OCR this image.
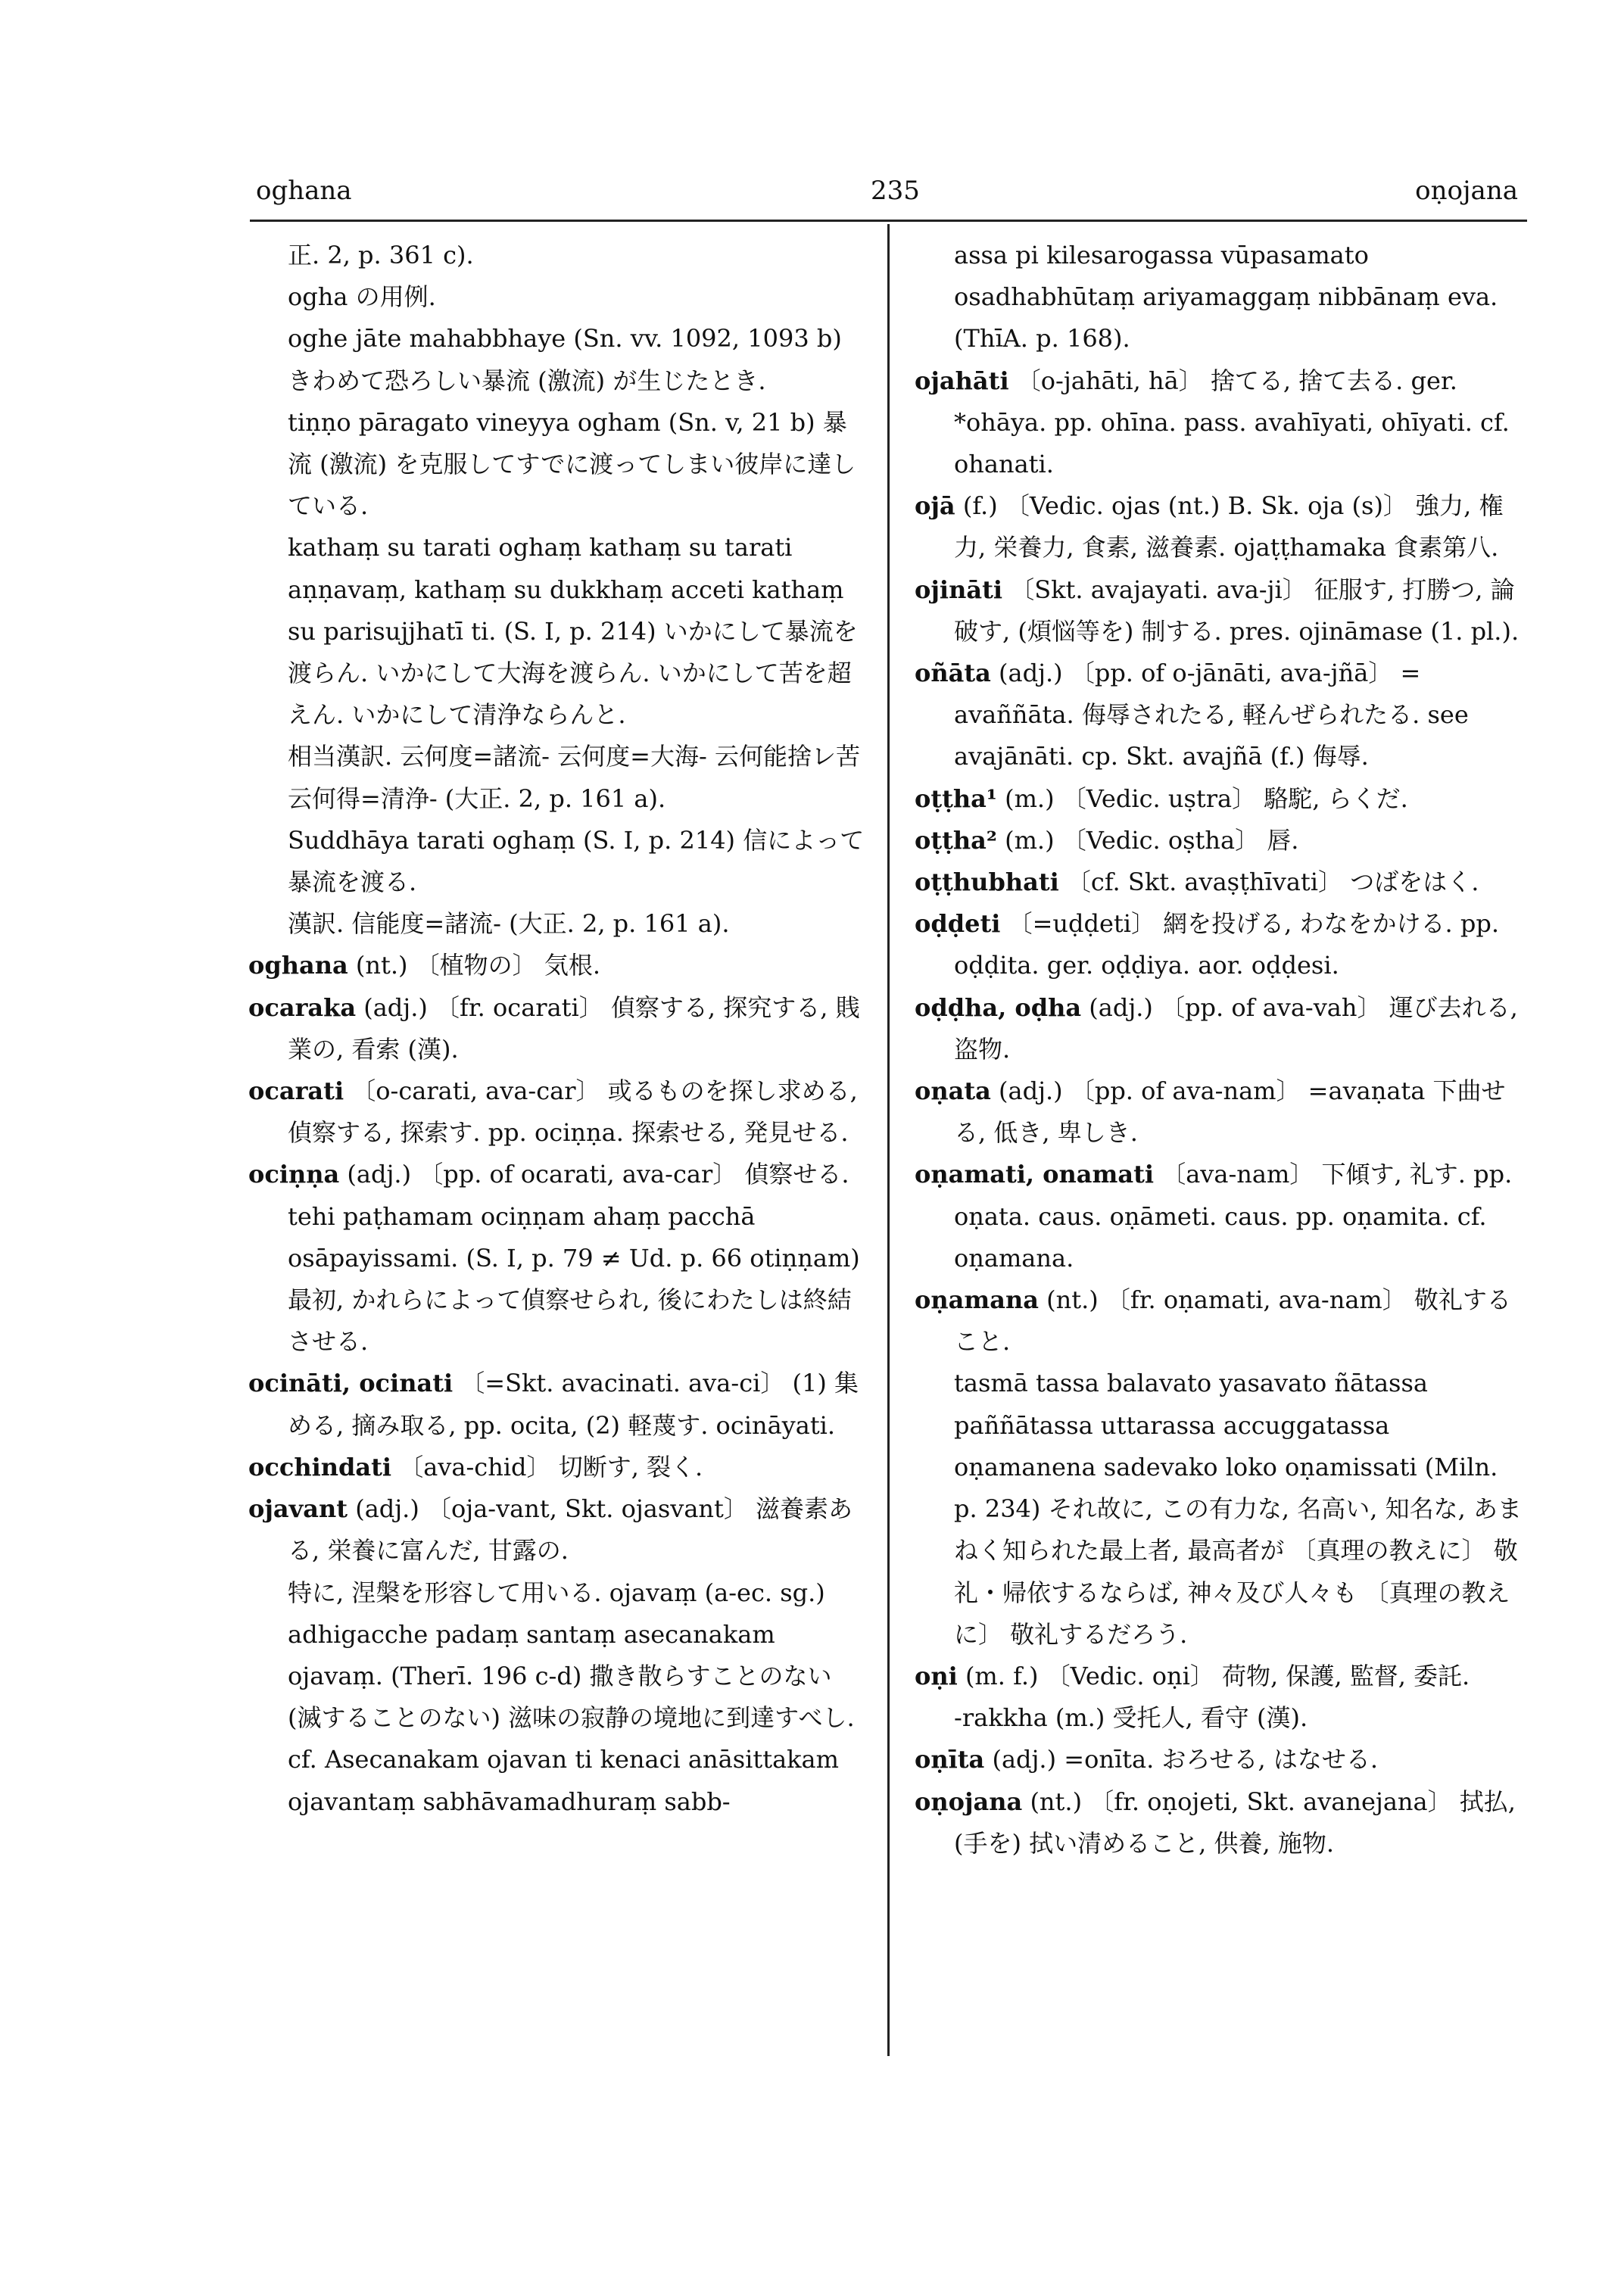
oghana	235	oṇojana

正. 2, p. 361 c).

ogha の用例.

oghe jāte mahabbhaye (Sn. vv. 1092, 1093 b) きわめて恐ろしい暴流 (激流) が生じたとき.

tiṇṇo pāragato vineyya ogham (Sn. v, 21 b) 暴流 (激流) を克服してすでに渡ってしまい彼岸に達している.

kathaṃ su tarati oghaṃ kathaṃ su tarati aṇṇavaṃ, kathaṃ su dukkhaṃ acceti kathaṃ su parisujjhatī ti. (S. I, p. 214) いかにして暴流を渡らん. いかにして大海を渡らん. いかにして苦を超えん. いかにして清浄ならんと.

相当漢訳. 云何度=諸流- 云何度=大海- 云何能捨レ苦 云何得=清浄- (大正. 2, p. 161 a).

Suddhāya tarati oghaṃ (S. I, p. 214) 信によって暴流を渡る.

漢訳. 信能度=諸流- (大正. 2, p. 161 a).

oghana (nt.) 〔植物の〕 気根.

ocaraka (adj.) 〔fr. ocarati〕 偵察する, 探究する, 賎業の, 看索 (漢).

ocarati 〔o-carati, ava-car〕 或るものを探し求める, 偵察する, 探索す. pp. ociṇṇa. 探索せる, 発見せる.

ociṇṇa (adj.) 〔pp. of ocarati, ava-car〕 偵察せる. tehi paṭhamam ociṇṇam ahaṃ pacchā osāpayissami. (S. I, p. 79 ≠ Ud. p. 66 otiṇṇam) 最初, かれらによって偵察せられ, 後にわたしは終結させる.

ocināti, ocinati 〔=Skt. avacinati. ava-ci〕 (1) 集める, 摘み取る, pp. ocita, (2) 軽蔑す. ocināyati.

occhindati 〔ava-chid〕 切断す, 裂く.

ojavant (adj.) 〔oja-vant, Skt. ojasvant〕 滋養素ある, 栄養に富んだ, 甘露の.

特に, 涅槃を形容して用いる. ojavaṃ (a-ec. sg.)

adhigacche padaṃ santaṃ asecanakam ojavaṃ. (Therī. 196 c-d) 撒き散らすことのない (滅することのない) 滋味の寂静の境地に到達すべし.

cf. Asecanakam ojavan ti kenaci anāsittakam ojavantaṃ sabhāvamadhuraṃ sabb-

assa pi kilesarogassa vūpasamato osadhabhūtaṃ ariyamaggaṃ nibbānaṃ eva. (ThīA. p. 168).

ojahāti 〔o-jahāti, hā〕 捨てる, 捨て去る. ger. *ohāya. pp. ohīna. pass. avahīyati, ohīyati. cf. ohanati.

ojā (f.) 〔Vedic. ojas (nt.) B. Sk. oja (s)〕 強力, 権力, 栄養力, 食素, 滋養素. ojaṭṭhamaka 食素第八.

ojināti 〔Skt. avajayati. ava-ji〕 征服す, 打勝つ, 論破す, (煩悩等を) 制する. pres. ojināmase (1. pl.).

oñāta (adj.) 〔pp. of o-jānāti, ava-jñā〕 = avaññāta. 侮辱されたる, 軽んぜられたる. see avajānāti. cp. Skt. avajñā (f.) 侮辱.

oṭṭha¹ (m.) 〔Vedic. uṣtra〕 駱駝, らくだ.

oṭṭha² (m.) 〔Vedic. oṣtha〕 唇.

oṭṭhubhati 〔cf. Skt. avaṣṭhīvati〕 つばをはく.

oḍḍeti 〔=uḍḍeti〕 網を投げる, わなをかける. pp. oḍḍita. ger. oḍḍiya. aor. oḍḍesi.

oḍḍha, oḍha (adj.) 〔pp. of ava-vah〕 運び去れる, 盗物.

oṇata (adj.) 〔pp. of ava-nam〕 =avaṇata 下曲せる, 低き, 卑しき.

oṇamati, onamati 〔ava-nam〕 下傾す, 礼す. pp. oṇata. caus. oṇāmeti. caus. pp. oṇamita. cf. oṇamana.

oṇamana (nt.) 〔fr. oṇamati, ava-nam〕 敬礼すること.

tasmā tassa balavato yasavato ñātassa paññātassa uttarassa accuggatassa oṇamanena sadevako loko oṇamissati (Miln. p. 234) それ故に, この有力な, 名高い, 知名な, あまねく知られた最上者, 最高者が 〔真理の教えに〕 敬礼・帰依するならば, 神々及び人々も 〔真理の教えに〕 敬礼するだろう.

oṇi (m. f.) 〔Vedic. oṇi〕 荷物, 保護, 監督, 委託.

-rakkha (m.) 受托人, 看守 (漢).

oṇīta (adj.) =onīta. おろせる, はなせる.

oṇojana (nt.) 〔fr. oṇojeti, Skt. avanejana〕 拭払, (手を) 拭い清めること, 供養, 施物.
